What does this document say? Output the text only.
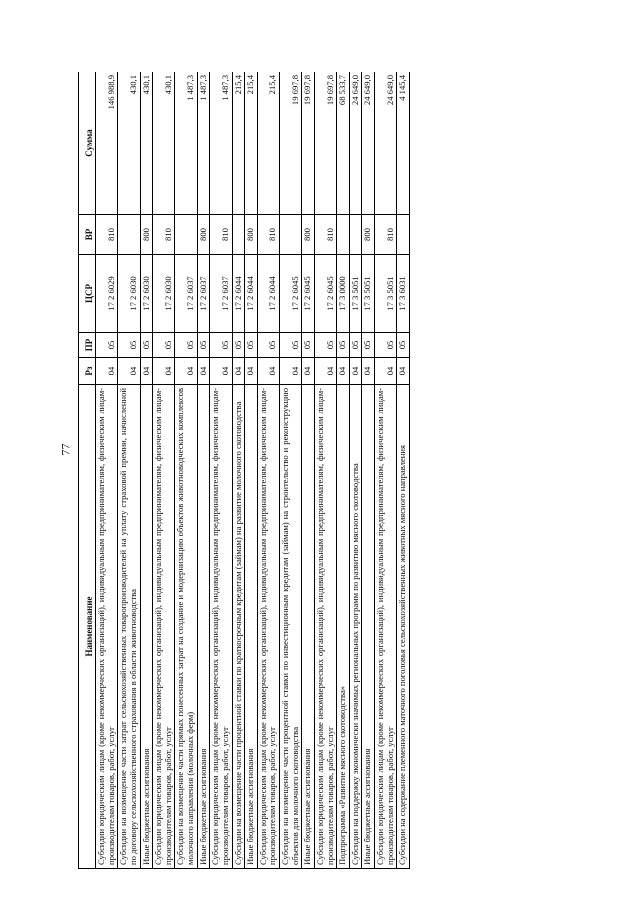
77
Наименование	Рз	ПР	ЦСР	ВР	Сумма
Субсидии юридическим лицам (кроме некоммерческих организаций), индивидуальным предпринимателям, физическим лицам-производителям товаров, работ, услуг	04	05	17 2 6029	810	146 988,9
Субсидии на возмещение части затрат сельскохозяйственных товаропроизводителей на уплату страховой премии, начисленной по договору сельскохозяйственного страхования в области животноводства	04	05	17 2 6030		430,1
Иные бюджетные ассигнования	04	05	17 2 6030	800	430,1
Субсидии юридическим лицам (кроме некоммерческих организаций), индивидуальным предпринимателям, физическим лицам-производителям товаров, работ, услуг	04	05	17 2 6030	810	430,1
Субсидии на возмещение части прямых понесенных затрат на создание и модернизацию объектов животноводческих комплексов молочного направления (молочных ферм)	04	05	17 2 6037		1 487,3
Иные бюджетные ассигнования	04	05	17 2 6037	800	1 487,3
Субсидии юридическим лицам (кроме некоммерческих организаций), индивидуальным предпринимателям, физическим лицам-производителям товаров, работ, услуг	04	05	17 2 6037	810	1 487,3
Субсидии на возмещение части процентной ставки по краткосрочным кредитам (займам) на развитие молочного скотоводства	04	05	17 2 6044		215,4
Иные бюджетные ассигнования	04	05	17 2 6044	800	215,4
Субсидии юридическим лицам (кроме некоммерческих организаций), индивидуальным предпринимателям, физическим лицам-производителям товаров, работ, услуг	04	05	17 2 6044	810	215,4
Субсидии на возмещение части процентной ставки по инвестиционным кредитам (займам) на строительство и реконструкцию объектов для молочного скотоводства	04	05	17 2 6045		19 697,8
Иные бюджетные ассигнования	04	05	17 2 6045	800	19 697,8
Субсидии юридическим лицам (кроме некоммерческих организаций), индивидуальным предпринимателям, физическим лицам-производителям товаров, работ, услуг	04	05	17 2 6045	810	19 697,8
Подпрограмма «Развитие мясного скотоводства»	04	05	17 3 0000		68 533,7
Субсидии на поддержку экономически значимых региональных программ по развитию мясного скотоводства	04	05	17 3 5051		24 649,0
Иные бюджетные ассигнования	04	05	17 3 5051	800	24 649,0
Субсидии юридическим лицам (кроме некоммерческих организаций), индивидуальным предпринимателям, физическим лицам-производителям товаров, работ, услуг	04	05	17 3 5051	810	24 649,0
Субсидии на содержание племенного маточного поголовья сельскохозяйственных животных мясного направления	04	05	17 3 6031		4 145,4
